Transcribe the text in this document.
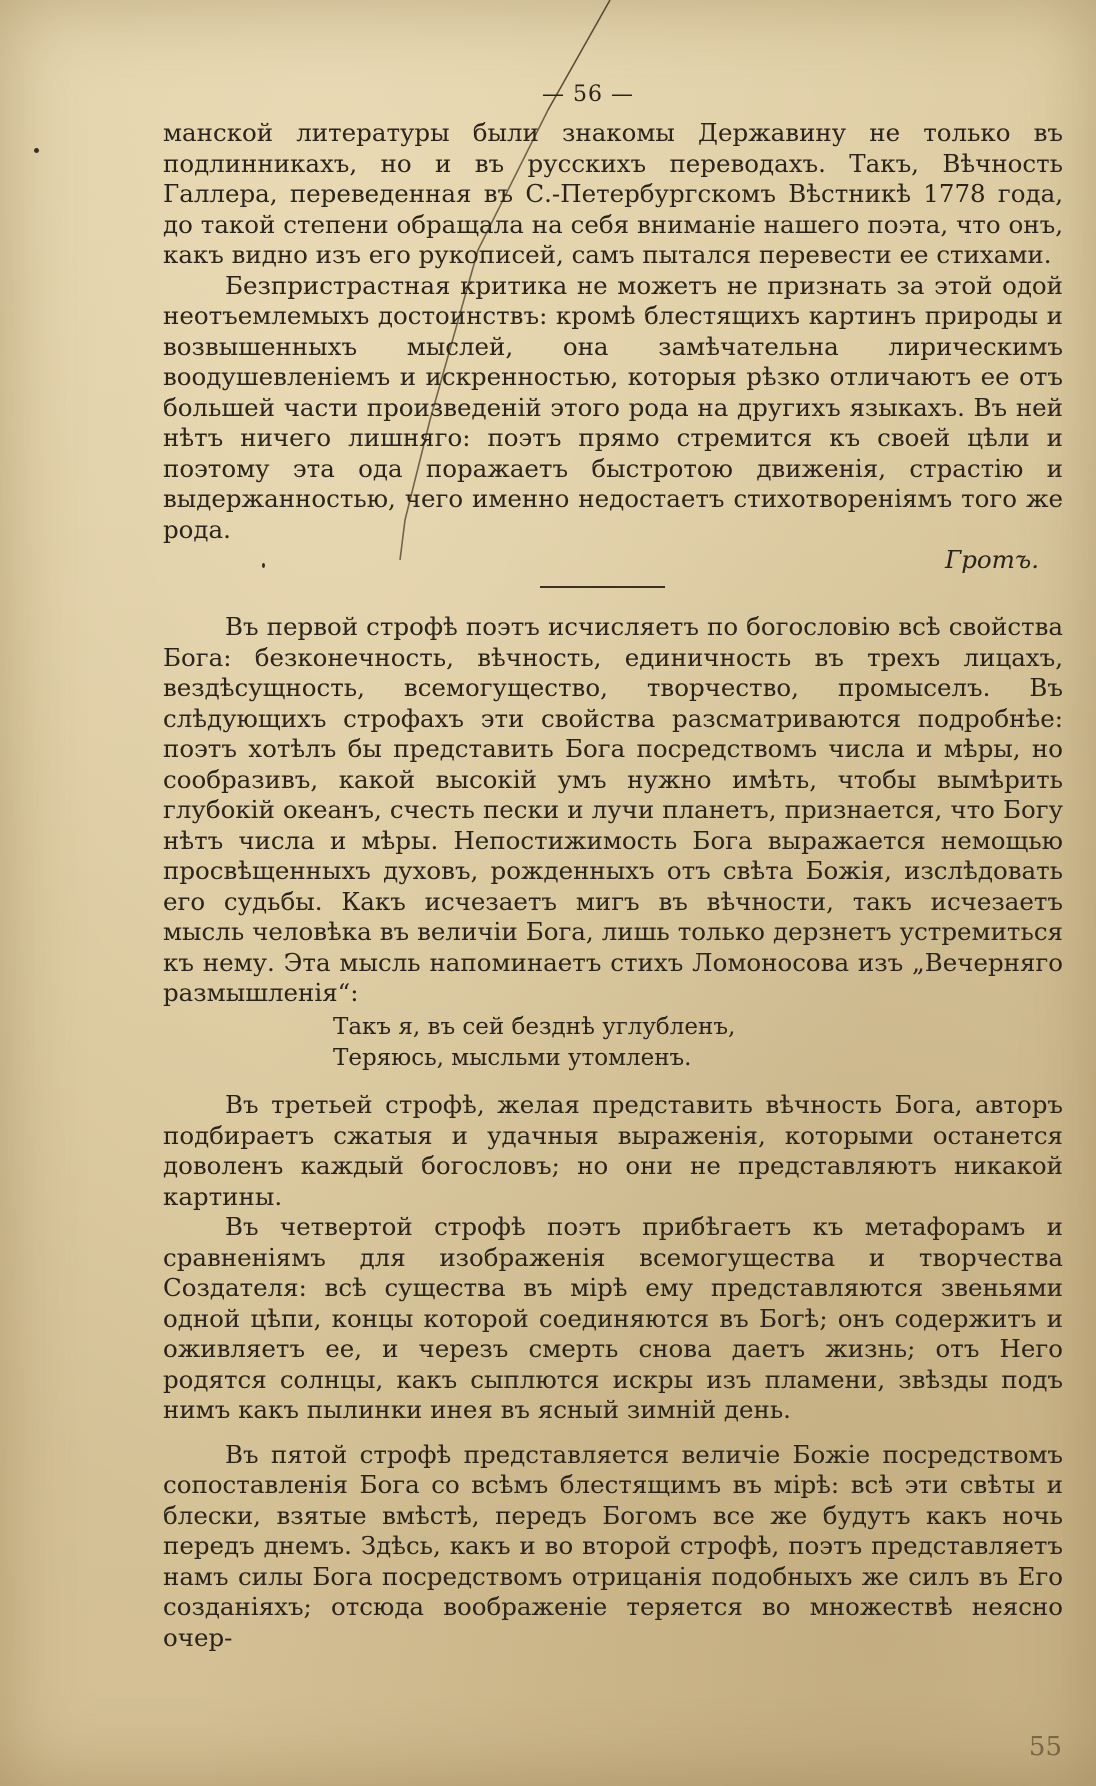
— 56 —

манской литературы были знакомы Державину не только въ подлинникахъ, но и въ русскихъ переводахъ. Такъ, Вѣчность Галлера, переведенная въ С.-Петербургскомъ Вѣстникѣ 1778 года, до такой степени обращала на себя вниманіе нашего поэта, что онъ, какъ видно изъ его рукописей, самъ пытался перевести ее стихами.

Безпристрастная критика не можетъ не признать за этой одой неотъемлемыхъ достоинствъ: кромѣ блестящихъ картинъ природы и возвышенныхъ мыслей, она замѣчательна лирическимъ воодушевленіемъ и искренностью, которыя рѣзко отличаютъ ее отъ большей части произведеній этого рода на другихъ языкахъ. Въ ней нѣтъ ничего лишняго: поэтъ прямо стремится къ своей цѣли и поэтому эта ода поражаетъ быстротою движенія, страстію и выдержанностью, чего именно недостаетъ стихотвореніямъ того же рода.

Гротъ.

Въ первой строфѣ поэтъ исчисляетъ по богословію всѣ свойства Бога: безконечность, вѣчность, единичность въ трехъ лицахъ, вездѣсущность, всемогущество, творчество, промыселъ. Въ слѣдующихъ строфахъ эти свойства разсматриваются подробнѣе: поэтъ хотѣлъ бы представить Бога посредствомъ числа и мѣры, но сообразивъ, какой высокій умъ нужно имѣть, чтобы вымѣрить глубокій океанъ, счесть пески и лучи планетъ, признается, что Богу нѣтъ числа и мѣры. Непостижимость Бога выражается немощью просвѣщенныхъ духовъ, рожденныхъ отъ свѣта Божія, изслѣдовать его судьбы. Какъ исчезаетъ мигъ въ вѣчности, такъ исчезаетъ мысль человѣка въ величіи Бога, лишь только дерзнетъ устремиться къ нему. Эта мысль напоминаетъ стихъ Ломоносова изъ „Вечерняго размышленія“:

Такъ я, въ сей безднѣ углубленъ,
Теряюсь, мысльми утомленъ.

Въ третьей строфѣ, желая представить вѣчность Бога, авторъ подбираетъ сжатыя и удачныя выраженія, которыми останется доволенъ каждый богословъ; но они не представляютъ никакой картины.

Въ четвертой строфѣ поэтъ прибѣгаетъ къ метафорамъ и сравненіямъ для изображенія всемогущества и творчества Создателя: всѣ существа въ мірѣ ему представляются звеньями одной цѣпи, концы которой соединяются въ Богѣ; онъ содержитъ и оживляетъ ее, и черезъ смерть снова даетъ жизнь; отъ Него родятся солнцы, какъ сыплются искры изъ пламени, звѣзды подъ нимъ какъ пылинки инея въ ясный зимній день.

Въ пятой строфѣ представляется величіе Божіе посредствомъ сопоставленія Бога со всѣмъ блестящимъ въ мірѣ: всѣ эти свѣты и блески, взятые вмѣстѣ, передъ Богомъ все же будутъ какъ ночь передъ днемъ. Здѣсь, какъ и во второй строфѣ, поэтъ представляетъ намъ силы Бога посредствомъ отрицанія подобныхъ же силъ въ Его созданіяхъ; отсюда воображеніе теряется во множествѣ неясно очер-

55
